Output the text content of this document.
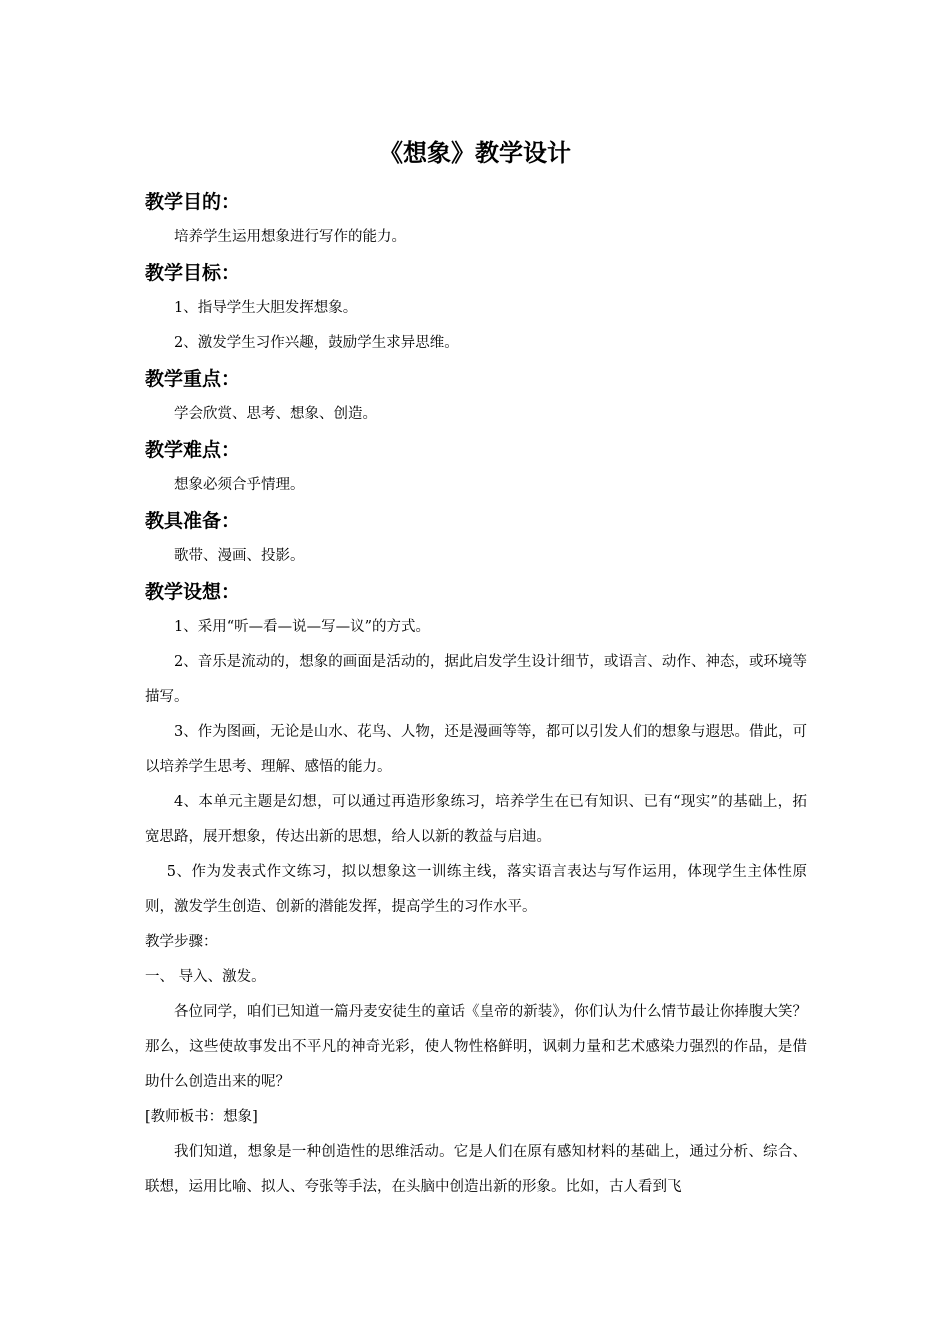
《想象》教学设计
教学目的：

培养学生运用想象进行写作的能力。

教学目标：

1、指导学生大胆发挥想象。

2、激发学生习作兴趣，鼓励学生求异思维。

教学重点：

学会欣赏、思考、想象、创造。

教学难点：

想象必须合乎情理。

教具准备：

歌带、漫画、投影。

教学设想：

1、采用“听—看—说—写—议”的方式。

2、音乐是流动的，想象的画面是活动的，据此启发学生设计细节，或语言、动作、神态，或环境等描写。

3、作为图画，无论是山水、花鸟、人物，还是漫画等等，都可以引发人们的想象与遐思。借此，可以培养学生思考、理解、感悟的能力。

4、本单元主题是幻想，可以通过再造形象练习，培养学生在已有知识、已有“现实”的基础上，拓宽思路，展开想象，传达出新的思想，给人以新的教益与启迪。

5、作为发表式作文练习，拟以想象这一训练主线，落实语言表达与写作运用，体现学生主体性原则，激发学生创造、创新的潜能发挥，提高学生的习作水平。

教学步骤：

一、 导入、激发。

各位同学，咱们已知道一篇丹麦安徒生的童话《皇帝的新装》，你们认为什么情节最让你捧腹大笑？那么，这些使故事发出不平凡的神奇光彩，使人物性格鲜明，讽刺力量和艺术感染力强烈的作品，是借助什么创造出来的呢？

[教师板书：想象]

我们知道，想象是一种创造性的思维活动。它是人们在原有感知材料的基础上，通过分析、综合、联想，运用比喻、拟人、夸张等手法，在头脑中创造出新的形象。比如，古人看到飞
